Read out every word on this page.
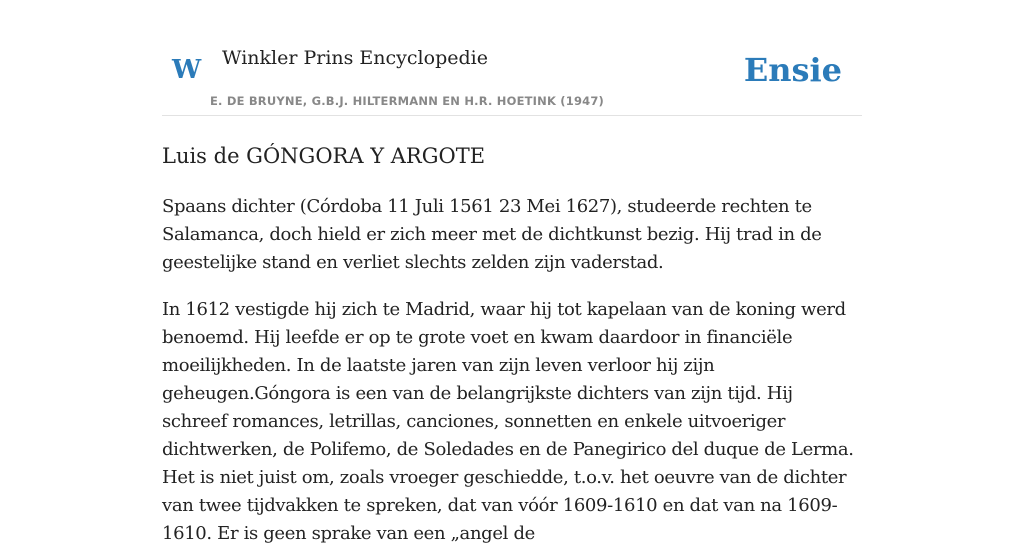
W Winkler Prins Encyclopedie
E. DE BRUYNE, G.B.J. HILTERMANN EN H.R. HOETINK (1947)
Ensie
Luis de GÓNGORA Y ARGOTE

Spaans dichter (Córdoba 11 Juli 1561 23 Mei 1627), studeerde rechten te Salamanca, doch hield er zich meer met de dichtkunst bezig. Hij trad in de geestelijke stand en verliet slechts zelden zijn vaderstad.

In 1612 vestigde hij zich te Madrid, waar hij tot kapelaan van de koning werd benoemd. Hij leefde er op te grote voet en kwam daardoor in financiële moeilijkheden. In de laatste jaren van zijn leven verloor hij zijn geheugen.Góngora is een van de belangrijkste dichters van zijn tijd. Hij schreef romances, letrillas, canciones, sonnetten en enkele uitvoeriger dichtwerken, de Polifemo, de Soledades en de Panegirico del duque de Lerma. Het is niet juist om, zoals vroeger geschiedde, t.o.v. het oeuvre van de dichter van twee tijdvakken te spreken, dat van vóór 1609-1610 en dat van na 1609-1610. Er is geen sprake van een „angel de
